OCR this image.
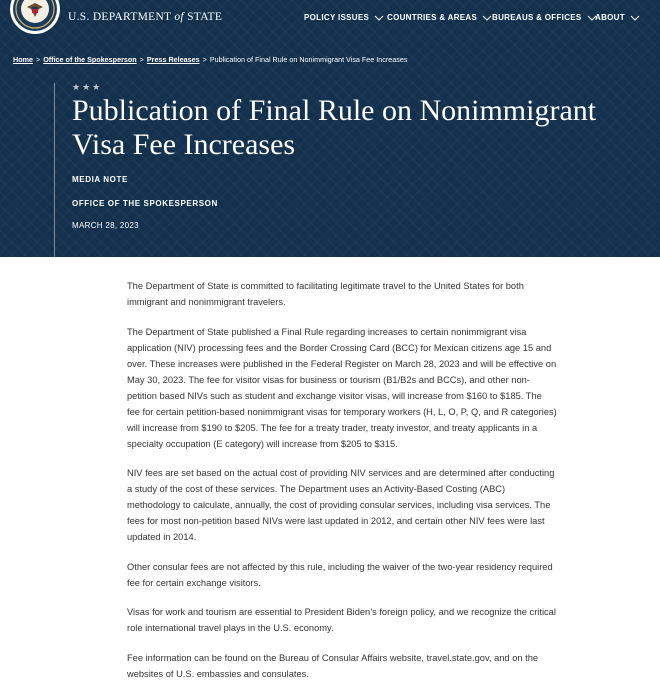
U.S. DEPARTMENT of STATE	POLICY ISSUES COUNTRIES & AREAS BUREAUS & OFFICES ABOUT
Home > Office of the Spokesperson > Press Releases > Publication of Final Rule on Nonimmigrant Visa Fee Increases
★★★
Publication of Final Rule on Nonimmigrant Visa Fee Increases
MEDIA NOTE
OFFICE OF THE SPOKESPERSON
MARCH 28, 2023

The Department of State is committed to facilitating legitimate travel to the United States for both immigrant and nonimmigrant travelers.

The Department of State published a Final Rule regarding increases to certain nonimmigrant visa application (NIV) processing fees and the Border Crossing Card (BCC) for Mexican citizens age 15 and over. These increases were published in the Federal Register on March 28, 2023 and will be effective on May 30, 2023. The fee for visitor visas for business or tourism (B1/B2s and BCCs), and other non-petition based NIVs such as student and exchange visitor visas, will increase from $160 to $185. The fee for certain petition-based nonimmigrant visas for temporary workers (H, L, O, P, Q, and R categories) will increase from $190 to $205. The fee for a treaty trader, treaty investor, and treaty applicants in a specialty occupation (E category) will increase from $205 to $315.

NIV fees are set based on the actual cost of providing NIV services and are determined after conducting a study of the cost of these services. The Department uses an Activity-Based Costing (ABC) methodology to calculate, annually, the cost of providing consular services, including visa services. The fees for most non-petition based NIVs were last updated in 2012, and certain other NIV fees were last updated in 2014.

Other consular fees are not affected by this rule, including the waiver of the two-year residency required fee for certain exchange visitors.

Visas for work and tourism are essential to President Biden’s foreign policy, and we recognize the critical role international travel plays in the U.S. economy.

Fee information can be found on the Bureau of Consular Affairs website, travel.state.gov, and on the websites of U.S. embassies and consulates.
